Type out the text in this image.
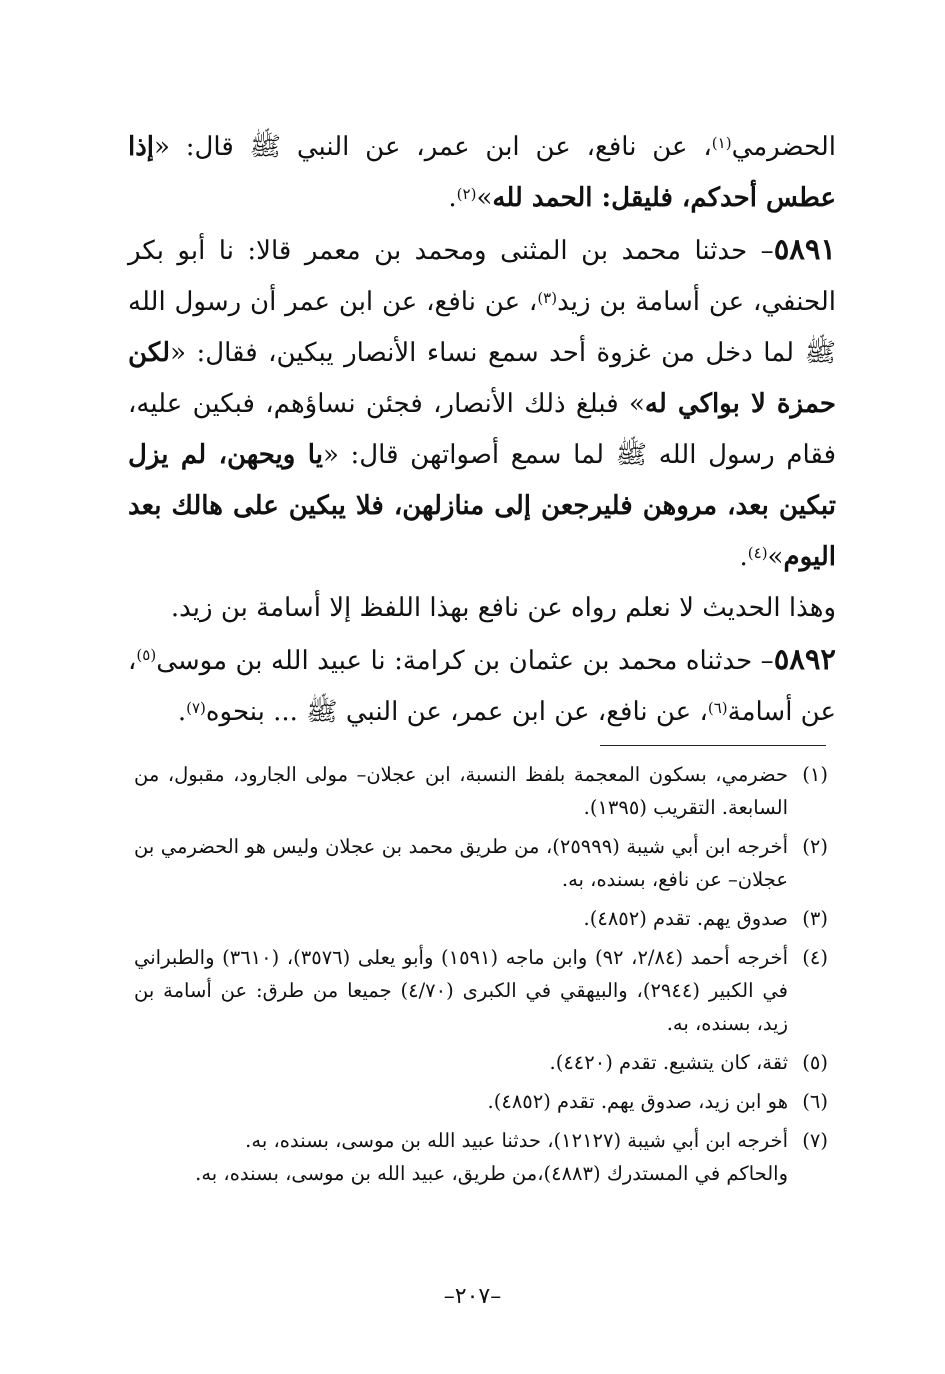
الحضرمي$^{(١)}$، عن نافع، عن ابن عمر، عن النبي ﷺ قال: «إذا عطس أحدكم، فليقل: الحمد لله»$^{(٢)}$.

٥٨٩١– حدثنا محمد بن المثنى ومحمد بن معمر قالا: نا أبو بكر الحنفي، عن أسامة بن زيد$^{(٣)}$، عن نافع، عن ابن عمر أن رسول الله ﷺ لما دخل من غزوة أحد سمع نساء الأنصار يبكين، فقال: «لكن حمزة لا بواكي له» فبلغ ذلك الأنصار، فجئن نساؤهم، فبكين عليه، فقام رسول الله ﷺ لما سمع أصواتهن قال: «يا ويحهن، لم يزل تبكين بعد، مروهن فليرجعن إلى منازلهن، فلا يبكين على هالك بعد اليوم»$^{(٤)}$.

وهذا الحديث لا نعلم رواه عن نافع بهذا اللفظ إلا أسامة بن زيد.

٥٨٩٢– حدثناه محمد بن عثمان بن كرامة: نا عبيد الله بن موسى$^{(٥)}$، عن أسامة$^{(٦)}$، عن نافع، عن ابن عمر، عن النبي ﷺ ... بنحوه$^{(٧)}$.

(١)
حضرمي، بسكون المعجمة بلفظ النسبة، ابن عجلان– مولى الجارود، مقبول، من السابعة. التقريب (١٣٩٥).
(٢)
أخرجه ابن أبي شيبة (٢٥٩٩٩)، من طريق محمد بن عجلان وليس هو الحضرمي بن عجلان– عن نافع، بسنده، به.
(٣)
صدوق يهم. تقدم (٤٨٥٢).
(٤)
أخرجه أحمد (٢/٨٤، ٩٢) وابن ماجه (١٥٩١) وأبو يعلى (٣٥٧٦)، (٣٦١٠) والطبراني في الكبير (٢٩٤٤)، والبيهقي في الكبرى (٤/٧٠) جميعا من طرق: عن أسامة بن زيد، بسنده، به.
(٥)
ثقة، كان يتشيع. تقدم (٤٤٢٠).
(٦)
هو ابن زيد، صدوق يهم. تقدم (٤٨٥٢).
(٧)
أخرجه ابن أبي شيبة (١٢١٢٧)، حدثنا عبيد الله بن موسى، بسنده، به.
والحاكم في المستدرك (٤٨٨٣)،من طريق، عبيد الله بن موسى، بسنده، به.
–٢٠٧–
